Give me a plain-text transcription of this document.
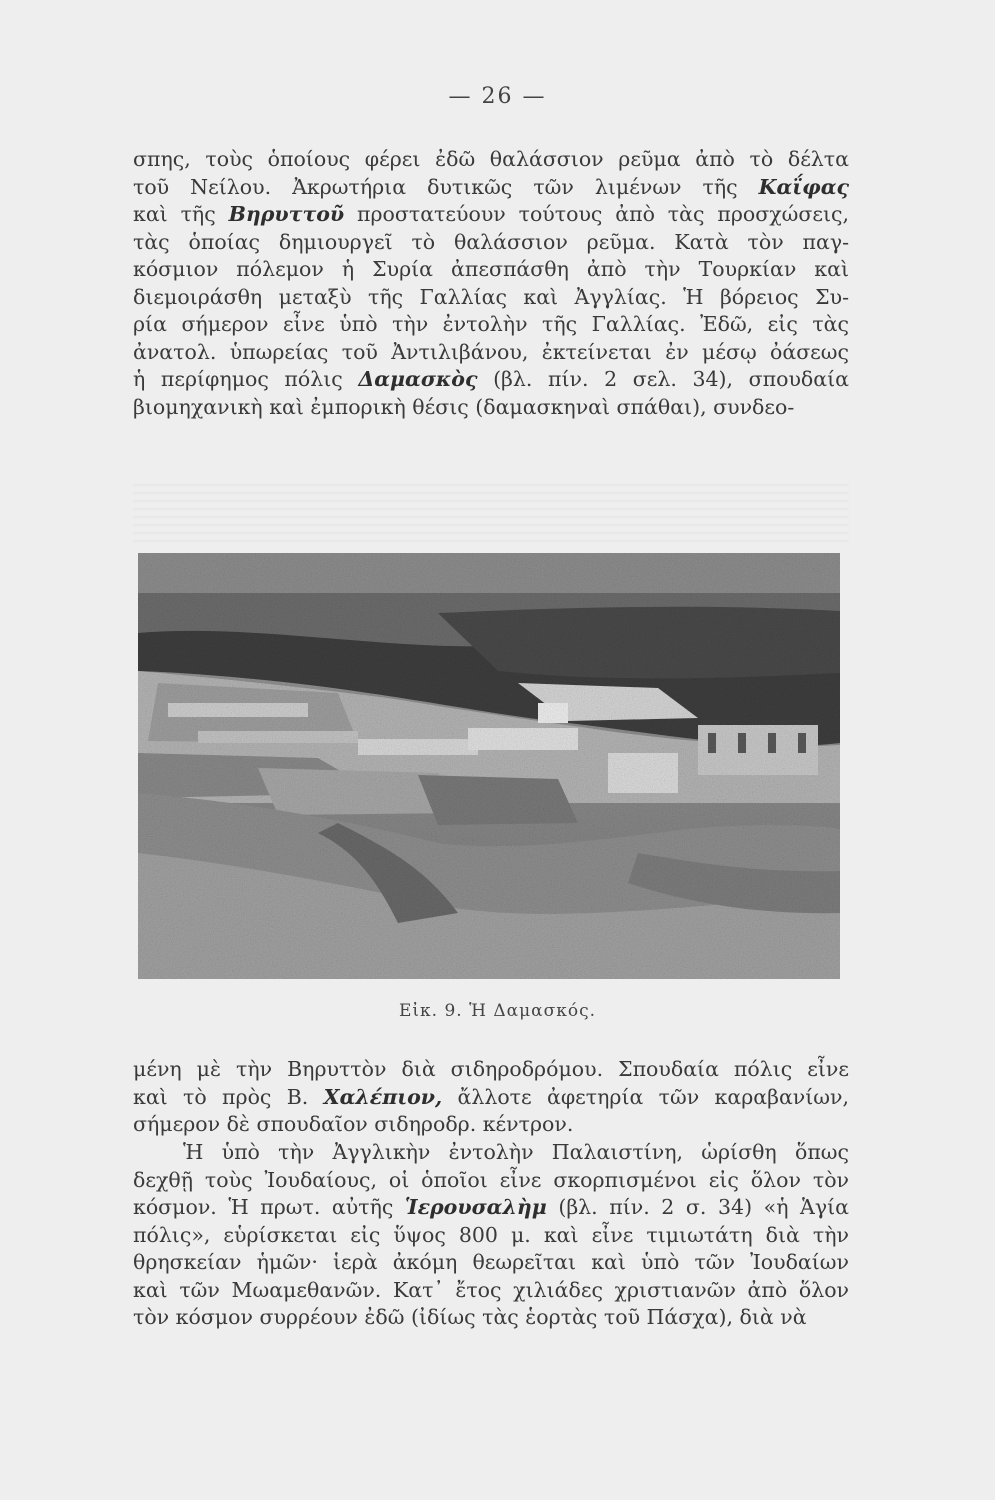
— 26 —
σπης, τοὺς ὁποίους φέρει ἐδῶ θαλάσσιον ρεῦμα ἀπὸ τὸ δέλτα
τοῦ Νείλου. Ἀκρωτήρια δυτικῶς τῶν λιμένων τῆς Καΐφας
καὶ τῆς Βηρυττοῦ προστατεύουν τούτους ἀπὸ τὰς προσχώσεις,
τὰς ὁποίας δημιουργεῖ τὸ θαλάσσιον ρεῦμα. Κατὰ τὸν παγ-
κόσμιον πόλεμον ἡ Συρία ἀπεσπάσθη ἀπὸ τὴν Τουρκίαν καὶ
διεμοιράσθη μεταξὺ τῆς Γαλλίας καὶ Ἀγγλίας. Ἡ βόρειος Συ-
ρία σήμερον εἶνε ὑπὸ τὴν ἐντολὴν τῆς Γαλλίας. Ἐδῶ, εἰς τὰς
ἀνατολ. ὑπωρείας τοῦ Ἀντιλιβάνου, ἐκτείνεται ἐν μέσῳ ὀάσεως
ἡ περίφημος πόλις Δαμασκὸς (βλ. πίν. 2 σελ. 34), σπουδαία
βιομηχανικὴ καὶ ἐμπορικὴ θέσις (δαμασκηναὶ σπάθαι), συνδεο-
Εἰκ. 9. Ἡ Δαμασκός.
μένη μὲ τὴν Βηρυττὸν διὰ σιδηροδρόμου. Σπουδαία πόλις εἶνε
καὶ τὸ πρὸς Β. Χαλέπιον, ἄλλοτε ἀφετηρία τῶν καραβανίων,
σήμερον δὲ σπουδαῖον σιδηροδρ. κέντρον.
Ἡ ὑπὸ τὴν Ἀγγλικὴν ἐντολὴν Παλαιστίνη, ὡρίσθη ὅπως
δεχθῇ τοὺς Ἰουδαίους, οἱ ὁποῖοι εἶνε σκορπισμένοι εἰς ὅλον τὸν
κόσμον. Ἡ πρωτ. αὐτῆς Ἱερουσαλὴμ (βλ. πίν. 2 σ. 34) «ἡ Ἁγία
πόλις», εὑρίσκεται εἰς ὕψος 800 μ. καὶ εἶνε τιμιωτάτη διὰ τὴν
θρησκείαν ἡμῶν· ἱερὰ ἀκόμη θεωρεῖται καὶ ὑπὸ τῶν Ἰουδαίων
καὶ τῶν Μωαμεθανῶν. Κατ᾽ ἔτος χιλιάδες χριστιανῶν ἀπὸ ὅλον
τὸν κόσμον συρρέουν ἐδῶ (ἰδίως τὰς ἑορτὰς τοῦ Πάσχα), διὰ νὰ
